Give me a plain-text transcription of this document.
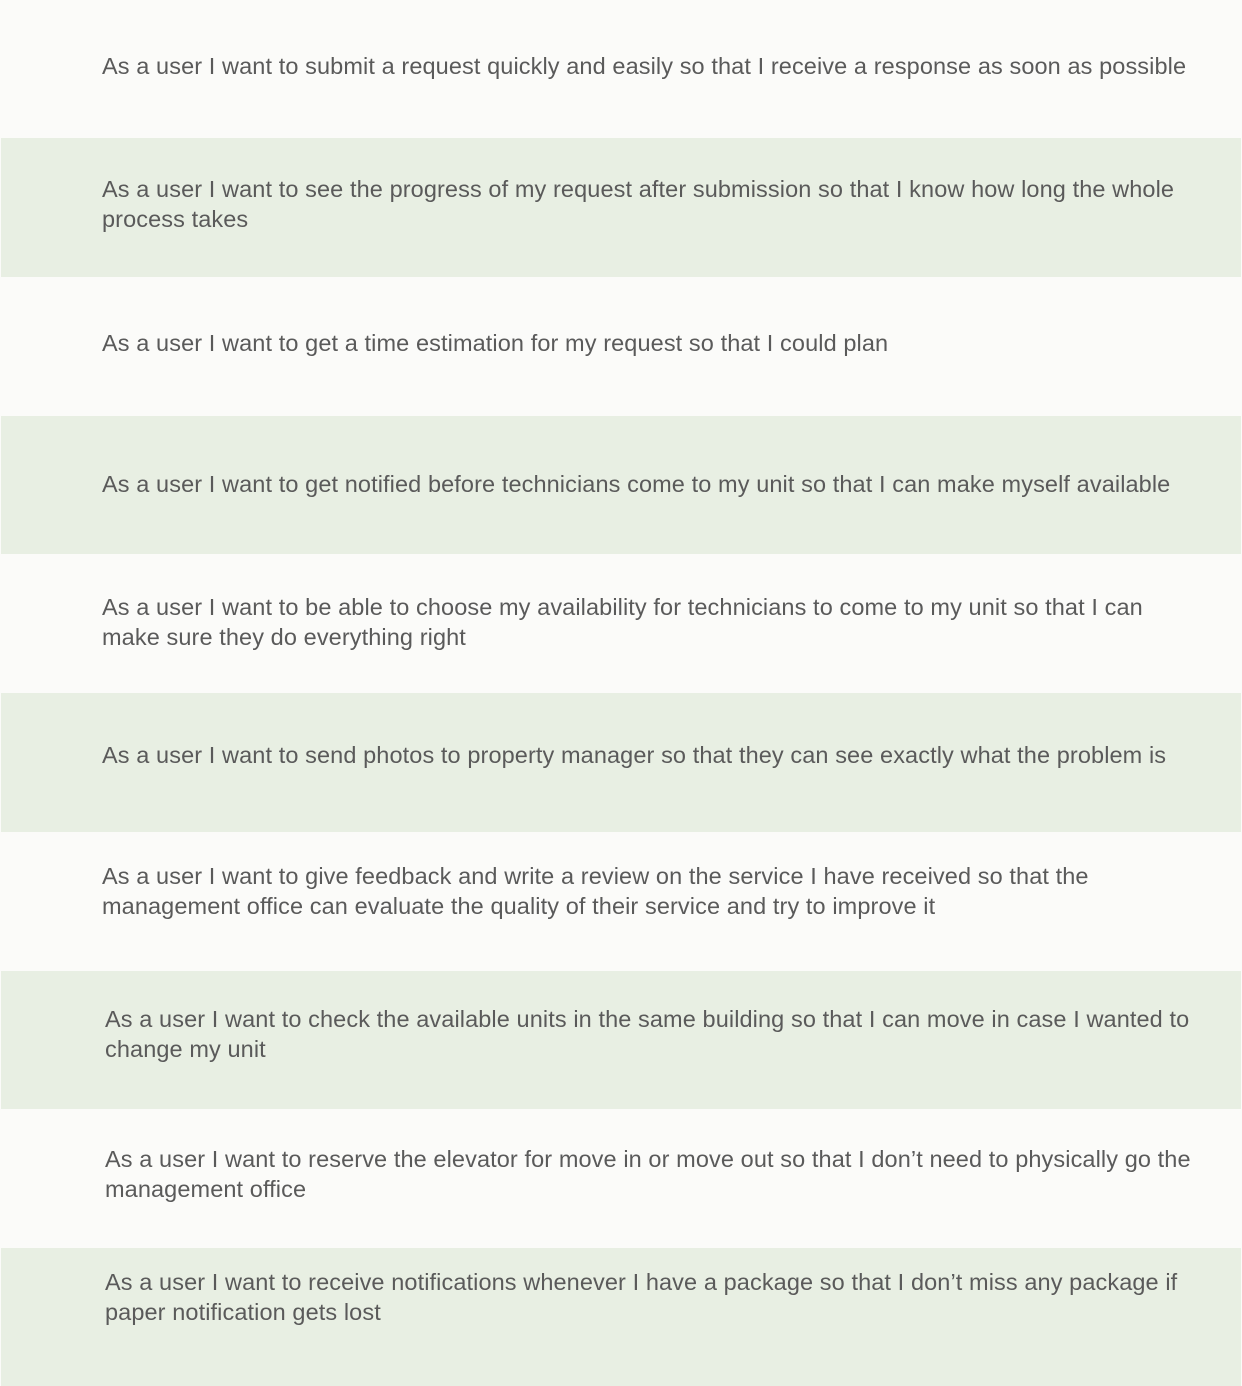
As a user I want to submit a request quickly and easily so that I receive a response as soon as possible
As a user I want to see the progress of my request after submission so that I know how long the whole process takes
As a user I want to get a time estimation for my request so that I could plan
As a user I want to get notified before technicians come to my unit so that I can make myself available
As a user I want to be able to choose my availability for technicians to come to my unit so that I can make sure they do everything right
As a user I want to send photos to property manager so that they can see exactly what the problem is
As a user I want to give feedback and write a review on the service I have received so that the management office can evaluate the quality of their service and try to improve it
As a user I want to check the available units in the same building so that I can move in case I wanted to change my unit
As a user I want to reserve the elevator for move in or move out so that I don’t need to physically go the management office
As a user I want to receive notifications whenever I have a package so that I don’t miss any package if paper notification gets lost
